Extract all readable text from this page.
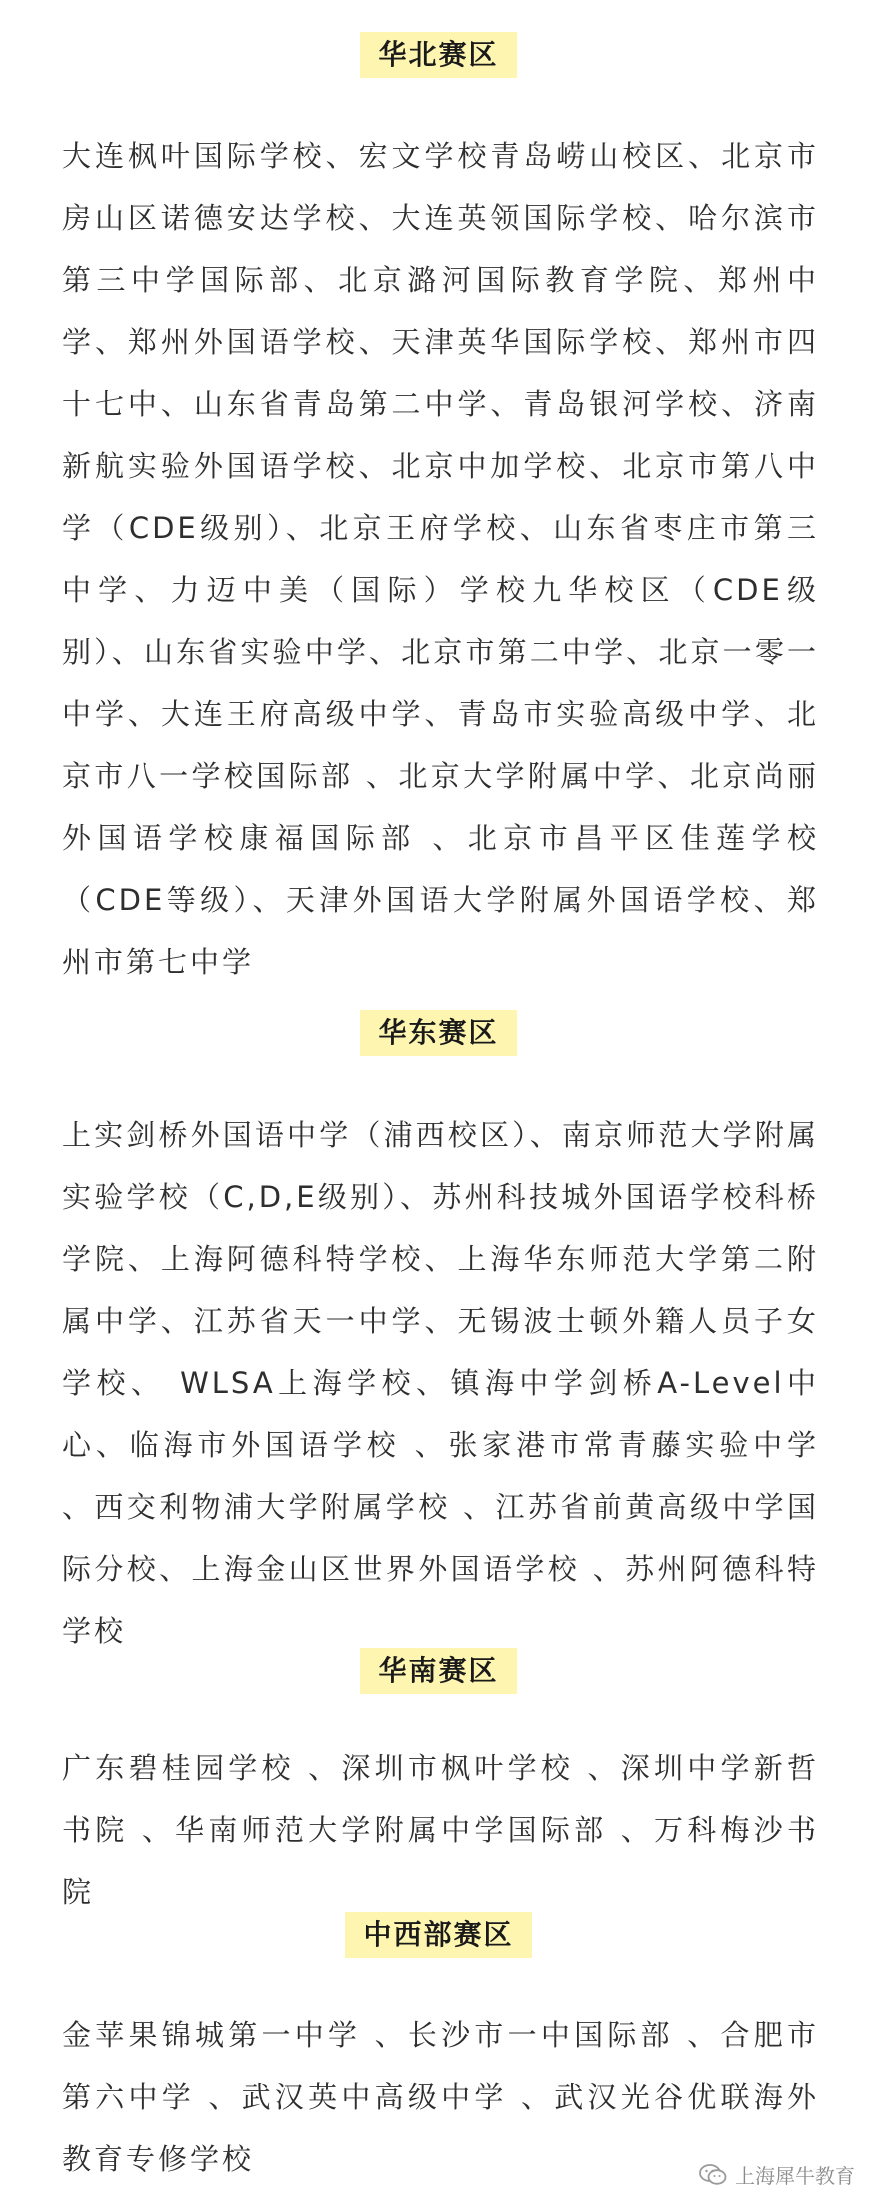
华北赛区
大连枫叶国际学校、宏文学校青岛崂山校区、北京市房山区诺德安达学校、大连英领国际学校、哈尔滨市第三中学国际部、北京潞河国际教育学院、郑州中学、郑州外国语学校、天津英华国际学校、郑州市四十七中、山东省青岛第二中学、青岛银河学校、济南新航实验外国语学校、北京中加学校、北京市第八中学（CDE级别）、北京王府学校、山东省枣庄市第三中学、力迈中美（国际）学校九华校区（CDE级别）、山东省实验中学、北京市第二中学、北京一零一中学、大连王府高级中学、青岛市实验高级中学、北京市八一学校国际部 、北京大学附属中学、北京尚丽外国语学校康福国际部 、北京市昌平区佳莲学校（CDE等级）、天津外国语大学附属外国语学校、郑州市第七中学
华东赛区
上实剑桥外国语中学（浦西校区）、南京师范大学附属实验学校（C,D,E级别）、苏州科技城外国语学校科桥学院、上海阿德科特学校、上海华东师范大学第二附属中学、江苏省天一中学、无锡波士顿外籍人员子女学校、 WLSA上海学校、镇海中学剑桥A-Level中心、临海市外国语学校 、张家港市常青藤实验中学 、西交利物浦大学附属学校 、江苏省前黄高级中学国际分校、上海金山区世界外国语学校 、苏州阿德科特学校
华南赛区
广东碧桂园学校 、深圳市枫叶学校 、深圳中学新哲书院 、华南师范大学附属中学国际部 、万科梅沙书院
中西部赛区
金苹果锦城第一中学 、长沙市一中国际部 、合肥市第六中学 、武汉英中高级中学 、武汉光谷优联海外教育专修学校	上海犀牛教育
